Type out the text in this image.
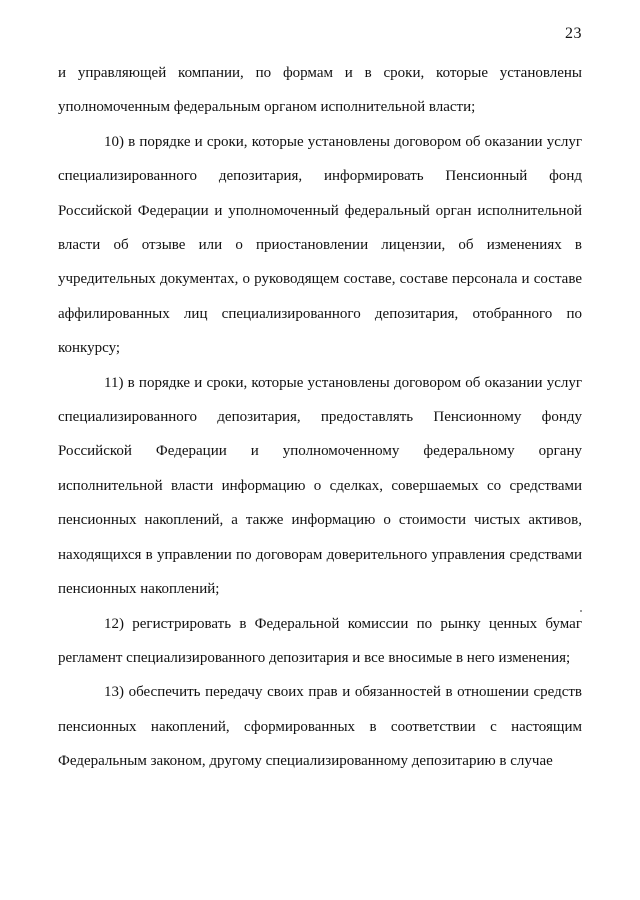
23

и управляющей компании, по формам и в сроки, которые установлены уполномоченным федеральным органом исполнительной власти;

10) в порядке и сроки, которые установлены договором об оказании услуг специализированного депозитария, информировать Пенсионный фонд Российской Федерации и уполномоченный федеральный орган исполнительной власти об отзыве или о приостановлении лицензии, об изменениях в учредительных документах, о руководящем составе, составе персонала и составе аффилированных лиц специализированного депозитария, отобранного по конкурсу;

11) в порядке и сроки, которые установлены договором об оказании услуг специализированного депозитария, предоставлять Пенсионному фонду Российской Федерации и уполномоченному федеральному органу исполнительной власти информацию о сделках, совершаемых со средствами пенсионных накоплений, а также информацию о стоимости чистых активов, находящихся в управлении по договорам доверительного управления средствами пенсионных накоплений;

12) регистрировать в Федеральной комиссии по рынку ценных бумаг регламент специализированного депозитария и все вносимые в него изменения;

13) обеспечить передачу своих прав и обязанностей в отношении средств пенсионных накоплений, сформированных в соответствии с настоящим Федеральным законом, другому специализированному депозитарию в случае
